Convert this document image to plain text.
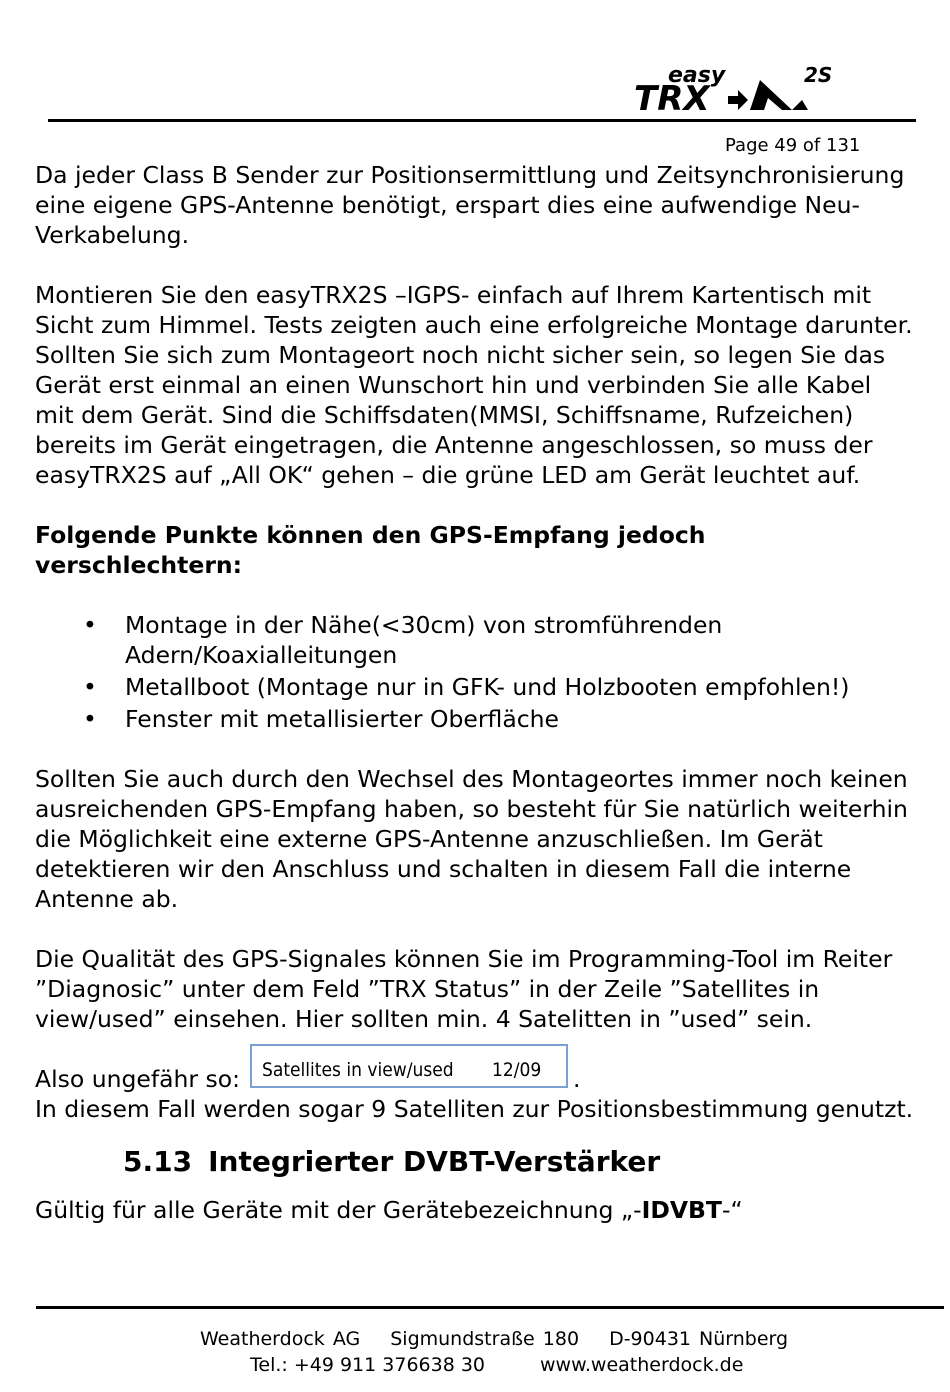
easy	2S
TRX
Page 49 of 131

Da jeder Class B Sender zur Positionsermittlung und Zeitsynchronisierung eine eigene GPS-Antenne benötigt, erspart dies eine aufwendige Neu-Verkabelung.

Montieren Sie den easyTRX2S –IGPS- einfach auf Ihrem Kartentisch mit Sicht zum Himmel. Tests zeigten auch eine erfolgreiche Montage darunter. Sollten Sie sich zum Montageort noch nicht sicher sein, so legen Sie das Gerät erst einmal an einen Wunschort hin und verbinden Sie alle Kabel mit dem Gerät. Sind die Schiffsdaten(MMSI, Schiffsname, Rufzeichen) bereits im Gerät eingetragen, die Antenne angeschlossen, so muss der easyTRX2S auf „All OK“ gehen – die grüne LED am Gerät leuchtet auf.

Folgende Punkte können den GPS-Empfang jedoch verschlechtern:

• Montage in der Nähe(<30cm) von stromführenden Adern/Koaxialleitungen
• Metallboot (Montage nur in GFK- und Holzbooten empfohlen!)
• Fenster mit metallisierter Oberfläche

Sollten Sie auch durch den Wechsel des Montageortes immer noch keinen ausreichenden GPS-Empfang haben, so besteht für Sie natürlich weiterhin die Möglichkeit eine externe GPS-Antenne anzuschließen. Im Gerät detektieren wir den Anschluss und schalten in diesem Fall die interne Antenne ab.

Die Qualität des GPS-Signales können Sie im Programming-Tool im Reiter ”Diagnosic” unter dem Feld ”TRX Status” in der Zeile ”Satellites in view/used” einsehen. Hier sollten min. 4 Satelitten in ”used” sein.

Also ungefähr so: Satellites in view/used 12/09 .

In diesem Fall werden sogar 9 Satelliten zur Positionsbestimmung genutzt.

5.13 Integrierter DVBT-Verstärker
Gültig für alle Geräte mit der Gerätebezeichnung „-IDVBT-“
Weatherdock AG Sigmundstraße 180 D-90431 Nürnberg
Tel.: +49 911 376638 30	www.weatherdock.de
